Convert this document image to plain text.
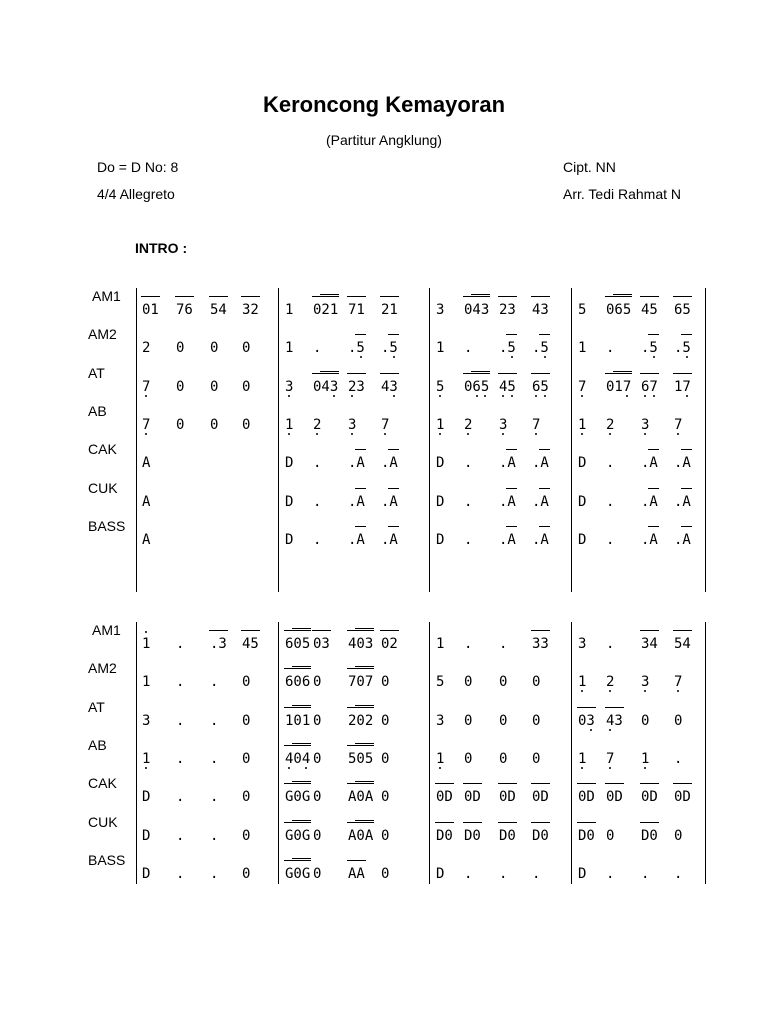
Keroncong Kemayoran
(Partitur Angklung)
Do = D No: 8
4/4 Allegreto
Cipt. NN
Arr. Tedi Rahmat N
INTRO :
AM1
AM2
AT
AB
CAK
CUK
BASS
01 76 54 32
2 0 0 0
7 0 0 0
7 0 0 0
A
A
A
1 021 71 21
1 . .5 .5
3 043 23 43
1 2 3 7
D . .A .A
D . .A .A
D . .A .A
3 043 23 43
1 . .5 .5
5 065 45 65
1 2 3 7
D . .A .A
D . .A .A
D . .A .A
5 065 45 65
1 . .5 .5
7 017 67 17
1 2 3 7
D . .A .A
D . .A .A
D . .A .A
AM1
AM2
AT
AB
CAK
CUK
BASS
1 . .3 45
1 . . 0
3 . . 0
1 . . 0
D . . 0
D . . 0
D . . 0
605 03 403 02
606 0 707 0
101 0 202 0
404 0 505 0
G0G 0 A0A 0
G0G 0 A0A 0
G0G 0 AA 0
1 . . 33
5 0 0 0
3 0 0 0
1 0 0 0
0D 0D 0D 0D
D0 D0 D0 D0
D . . .
3 . 34 54
1 2 3 7
03 43 0 0
1 7 1 .
0D 0D 0D 0D
D0 0 D0 0
D . . .
